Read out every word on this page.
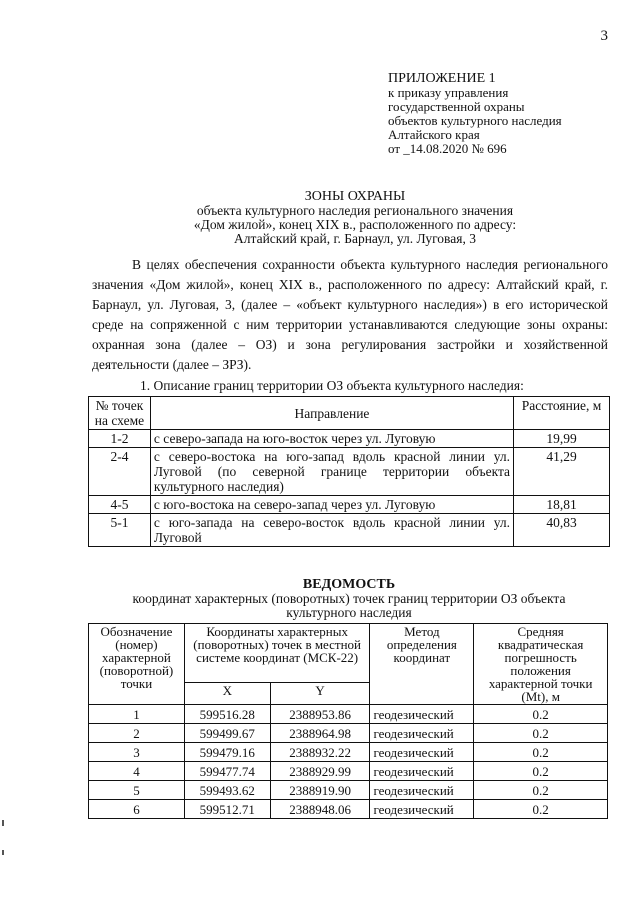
3
ПРИЛОЖЕНИЕ 1
к приказу управления
государственной охраны
объектов культурного наследия
Алтайского края
от _14.08.2020 № 696
ЗОНЫ ОХРАНЫ
объекта культурного наследия регионального значения
«Дом жилой», конец XIX в., расположенного по адресу:
Алтайский край, г. Барнаул, ул. Луговая, 3

В целях обеспечения сохранности объекта культурного наследия регионального значения «Дом жилой», конец XIX в., расположенного по адресу: Алтайский край, г. Барнаул, ул. Луговая, 3, (далее – «объект культурного наследия») в его исторической среде на сопряженной с ним территории устанавливаются следующие зоны охраны: охранная зона (далее – ОЗ) и зона регулирования застройки и хозяйственной деятельности (далее – ЗРЗ).

1. Описание границ территории ОЗ объекта культурного наследия:
№ точек на схеме	Направление	Расстояние, м
1-2	с северо-запада на юго-восток через ул. Луговую	19,99
2-4	с северо-востока на юго-запад вдоль красной линии ул. Луговой (по северной границе территории объекта культурного наследия)	41,29
4-5	с юго-востока на северо-запад через ул. Луговую	18,81
5-1	с юго-запада на северо-восток вдоль красной линии ул. Луговой	40,83
ВЕДОМОСТЬ
координат характерных (поворотных) точек границ территории ОЗ объекта
культурного наследия
Обозначение (номер) характерной (поворотной) точки	Координаты характерных (поворотных) точек в местной системе координат (МСК-22)		Метод определения координат	Средняя квадратическая погрешность положения характерной точки (Mt), м
	X	Y		
1	599516.28	2388953.86	геодезический	0.2
2	599499.67	2388964.98	геодезический	0.2
3	599479.16	2388932.22	геодезический	0.2
4	599477.74	2388929.99	геодезический	0.2
5	599493.62	2388919.90	геодезический	0.2
6	599512.71	2388948.06	геодезический	0.2
